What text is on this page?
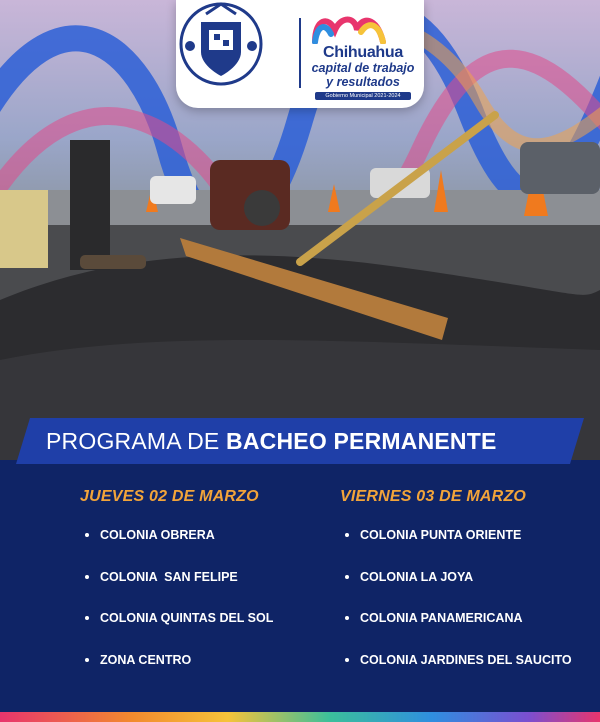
Chihuahua
capital de trabajo
y resultados
Gobierno Municipal 2021-2024
PROGRAMA DE BACHEO PERMANENTE
JUEVES 02 DE MARZO
COLONIA OBRERA
COLONIA  SAN FELIPE
COLONIA QUINTAS DEL SOL
ZONA CENTRO
VIERNES 03 DE MARZO
COLONIA PUNTA ORIENTE
COLONIA LA JOYA
COLONIA PANAMERICANA
COLONIA JARDINES DEL SAUCITO
